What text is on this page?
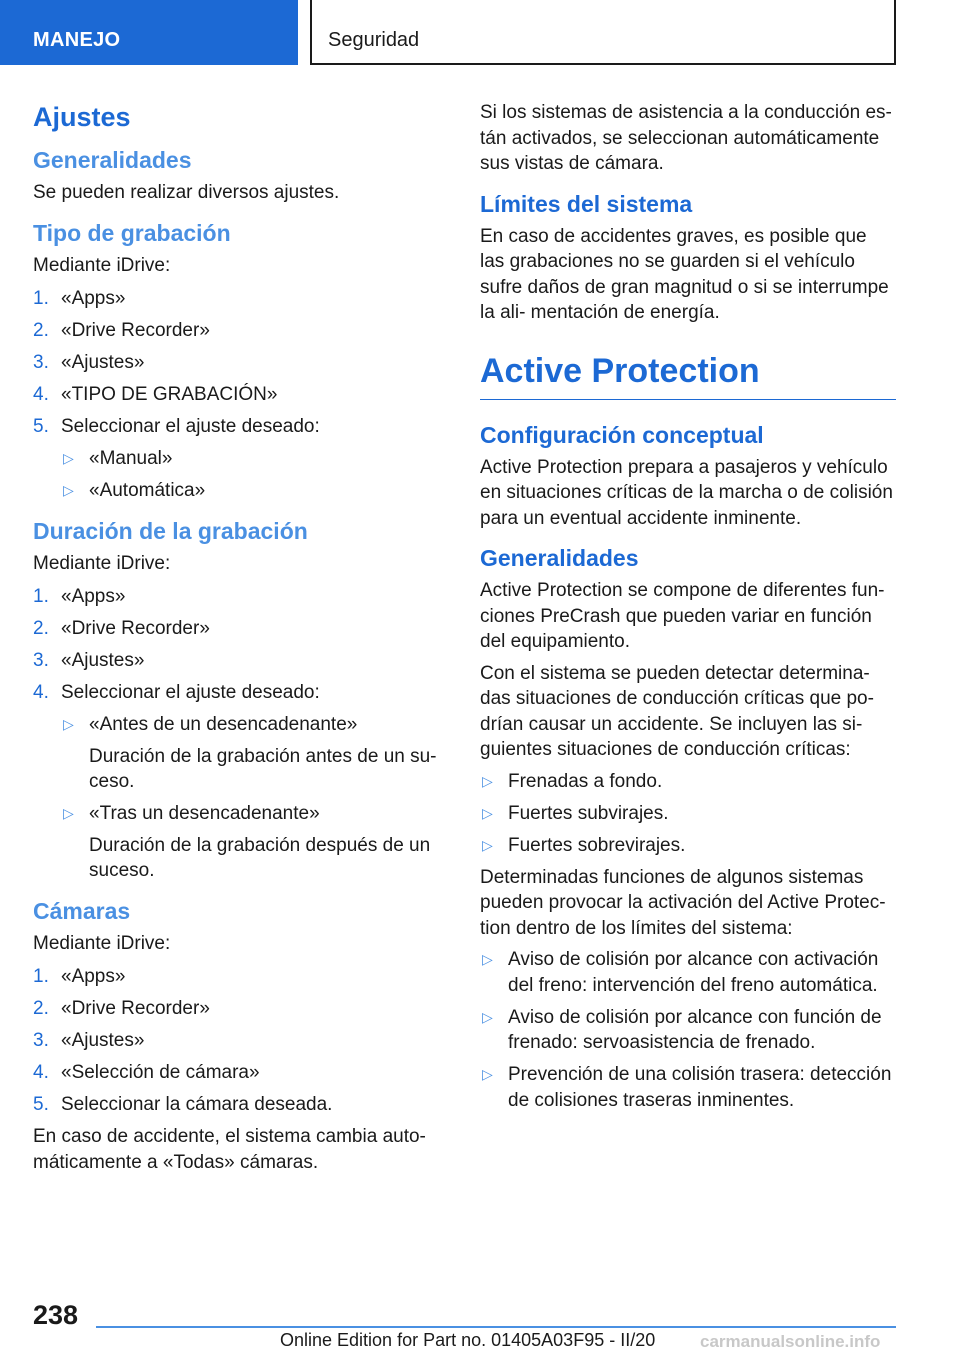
MANEJO	Seguridad
Ajustes
Generalidades

Se pueden realizar diversos ajustes.

Tipo de grabación

Mediante iDrive:

1. «Apps»
2. «Drive Recorder»
3. «Ajustes»
4. «TIPO DE GRABACIÓN»
5. Seleccionar el ajuste deseado:
▷ «Manual»
▷ «Automática»
Duración de la grabación

Mediante iDrive:

1. «Apps»
2. «Drive Recorder»
3. «Ajustes»
4. Seleccionar el ajuste deseado:
▷ «Antes de un desencadenante»
Duración de la grabación antes de un su‐ ceso.
▷ «Tras un desencadenante»
Duración de la grabación después de un suceso.
Cámaras

Mediante iDrive:

1. «Apps»
2. «Drive Recorder»
3. «Ajustes»
4. «Selección de cámara»
5. Seleccionar la cámara deseada.

En caso de accidente, el sistema cambia auto‐ máticamente a «Todas» cámaras.

Si los sistemas de asistencia a la conducción es‐ tán activados, se seleccionan automáticamente sus vistas de cámara.

Límites del sistema

En caso de accidentes graves, es posible que las grabaciones no se guarden si el vehículo sufre daños de gran magnitud o si se interrumpe la ali‐ mentación de energía.

Active Protection
Configuración conceptual

Active Protection prepara a pasajeros y vehículo en situaciones críticas de la marcha o de colisión para un eventual accidente inminente.

Generalidades

Active Protection se compone de diferentes fun‐ ciones PreCrash que pueden variar en función del equipamiento.

Con el sistema se pueden detectar determina‐ das situaciones de conducción críticas que po‐ drían causar un accidente. Se incluyen las si‐ guientes situaciones de conducción críticas:

▷ Frenadas a fondo.
▷ Fuertes subvirajes.
▷ Fuertes sobrevirajes.

Determinadas funciones de algunos sistemas pueden provocar la activación del Active Protec‐ tion dentro de los límites del sistema:

▷ Aviso de colisión por alcance con activación del freno: intervención del freno automática.
▷ Aviso de colisión por alcance con función de frenado: servoasistencia de frenado.
▷ Prevención de una colisión trasera: detección de colisiones traseras inminentes.
238
Online Edition for Part no. 01405A03F95 - II/20	carmanualsonline.info
